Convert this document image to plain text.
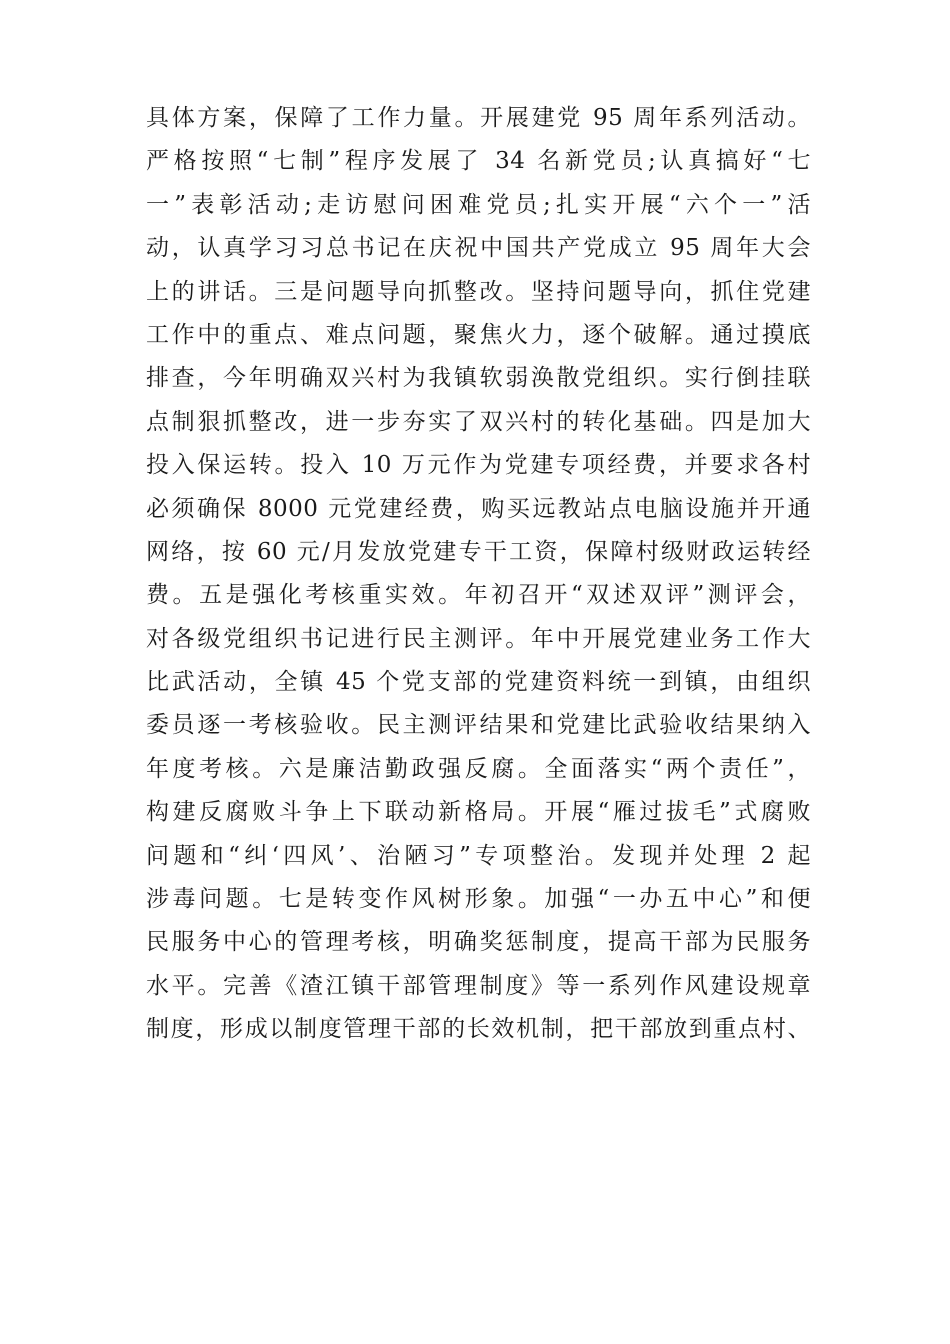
具体方案，保障了工作力量。开展建党 95 周年系列活动。
严格按照“七制”程序发展了 34 名新党员;认真搞好“七
一”表彰活动;走访慰问困难党员;扎实开展“六个一”活
动，认真学习习总书记在庆祝中国共产党成立 95 周年大会
上的讲话。三是问题导向抓整改。坚持问题导向，抓住党建
工作中的重点、难点问题，聚焦火力，逐个破解。通过摸底
排查，今年明确双兴村为我镇软弱涣散党组织。实行倒挂联
点制狠抓整改，进一步夯实了双兴村的转化基础。四是加大
投入保运转。投入 10 万元作为党建专项经费，并要求各村
必须确保 8000 元党建经费，购买远教站点电脑设施并开通
网络，按 60 元/月发放党建专干工资，保障村级财政运转经
费。五是强化考核重实效。年初召开“双述双评”测评会，
对各级党组织书记进行民主测评。年中开展党建业务工作大
比武活动，全镇 45 个党支部的党建资料统一到镇，由组织
委员逐一考核验收。民主测评结果和党建比武验收结果纳入
年度考核。六是廉洁勤政强反腐。全面落实“两个责任”，
构建反腐败斗争上下联动新格局。开展“雁过拔毛”式腐败
问题和“纠‘四风’、治陋习”专项整治。发现并处理 2 起
涉毒问题。七是转变作风树形象。加强“一办五中心”和便
民服务中心的管理考核，明确奖惩制度，提高干部为民服务
水平。完善《渣江镇干部管理制度》等一系列作风建设规章
制度，形成以制度管理干部的长效机制，把干部放到重点村、
